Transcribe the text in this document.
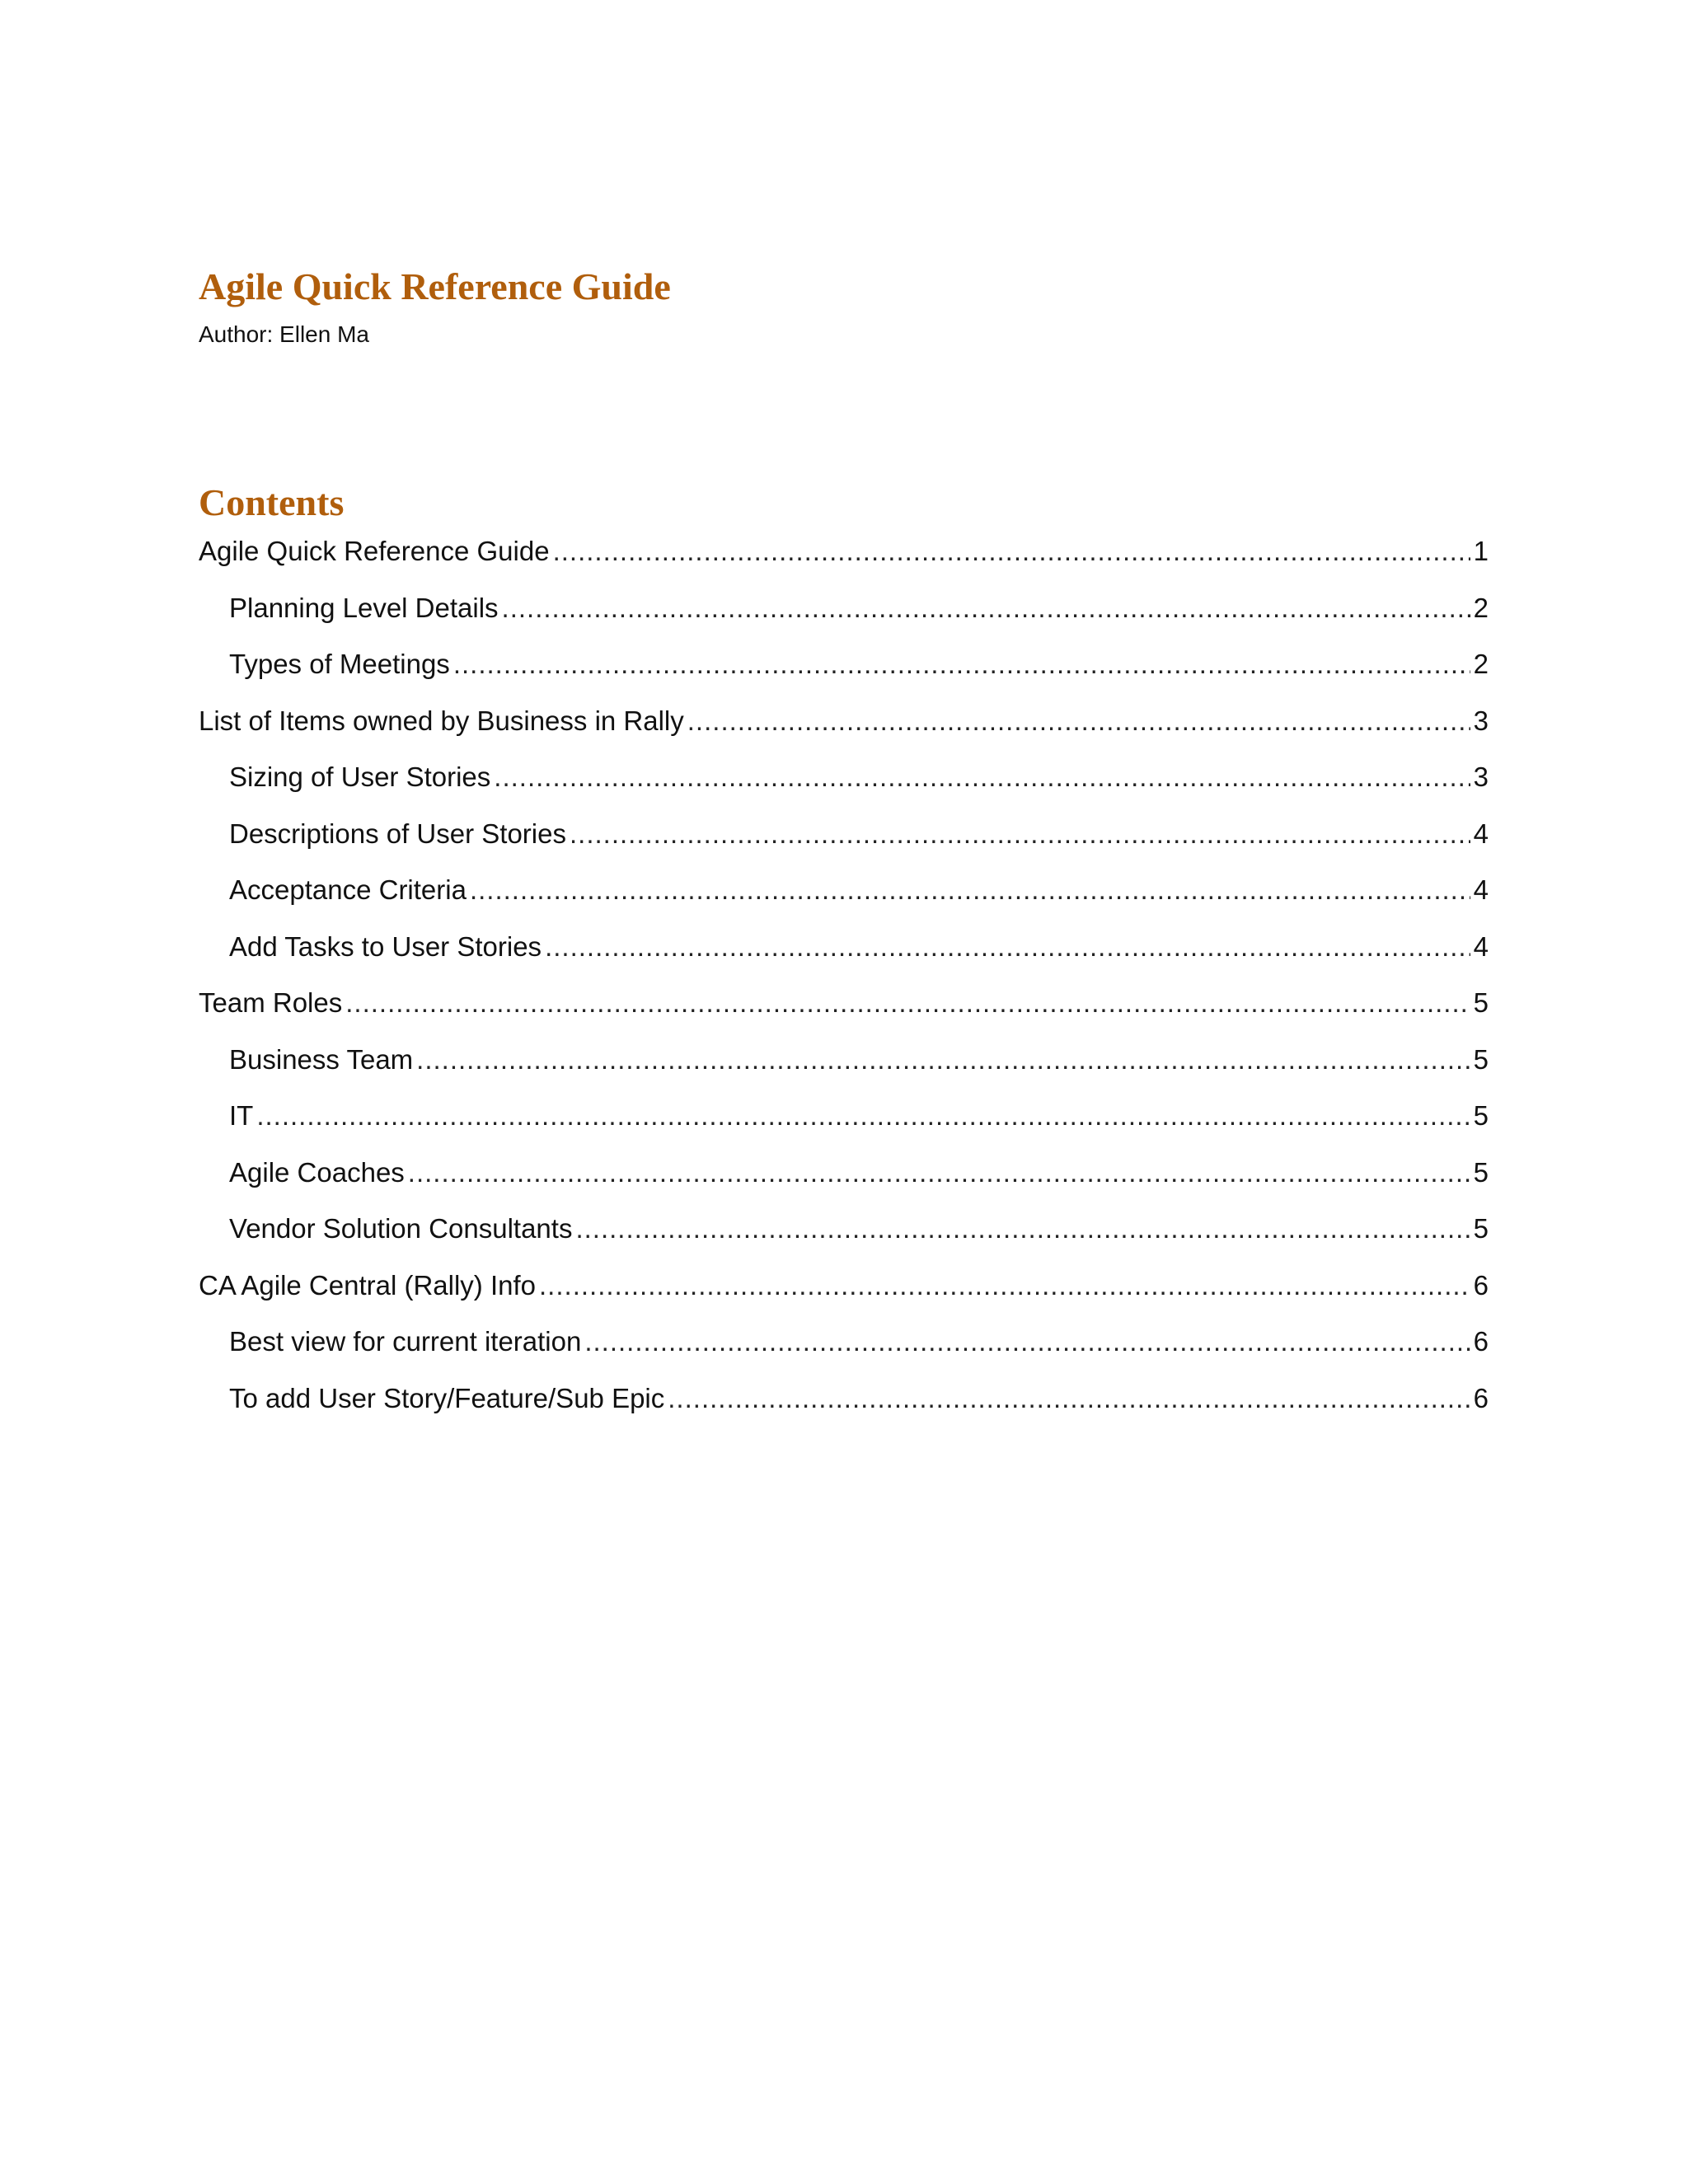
Agile Quick Reference Guide
Author: Ellen Ma
Contents
Agile Quick Reference Guide .....	1
Planning Level Details .....	2
Types of Meetings .....	2
List of Items owned by Business in Rally .....	3
Sizing of User Stories .....	3
Descriptions of User Stories .....	4
Acceptance Criteria .....	4
Add Tasks to User Stories .....	4
Team Roles .....	5
Business Team .....	5
IT .....	5
Agile Coaches .....	5
Vendor Solution Consultants .....	5
CA Agile Central (Rally) Info .....	6
Best view for current iteration .....	6
To add User Story/Feature/Sub Epic .....	6
